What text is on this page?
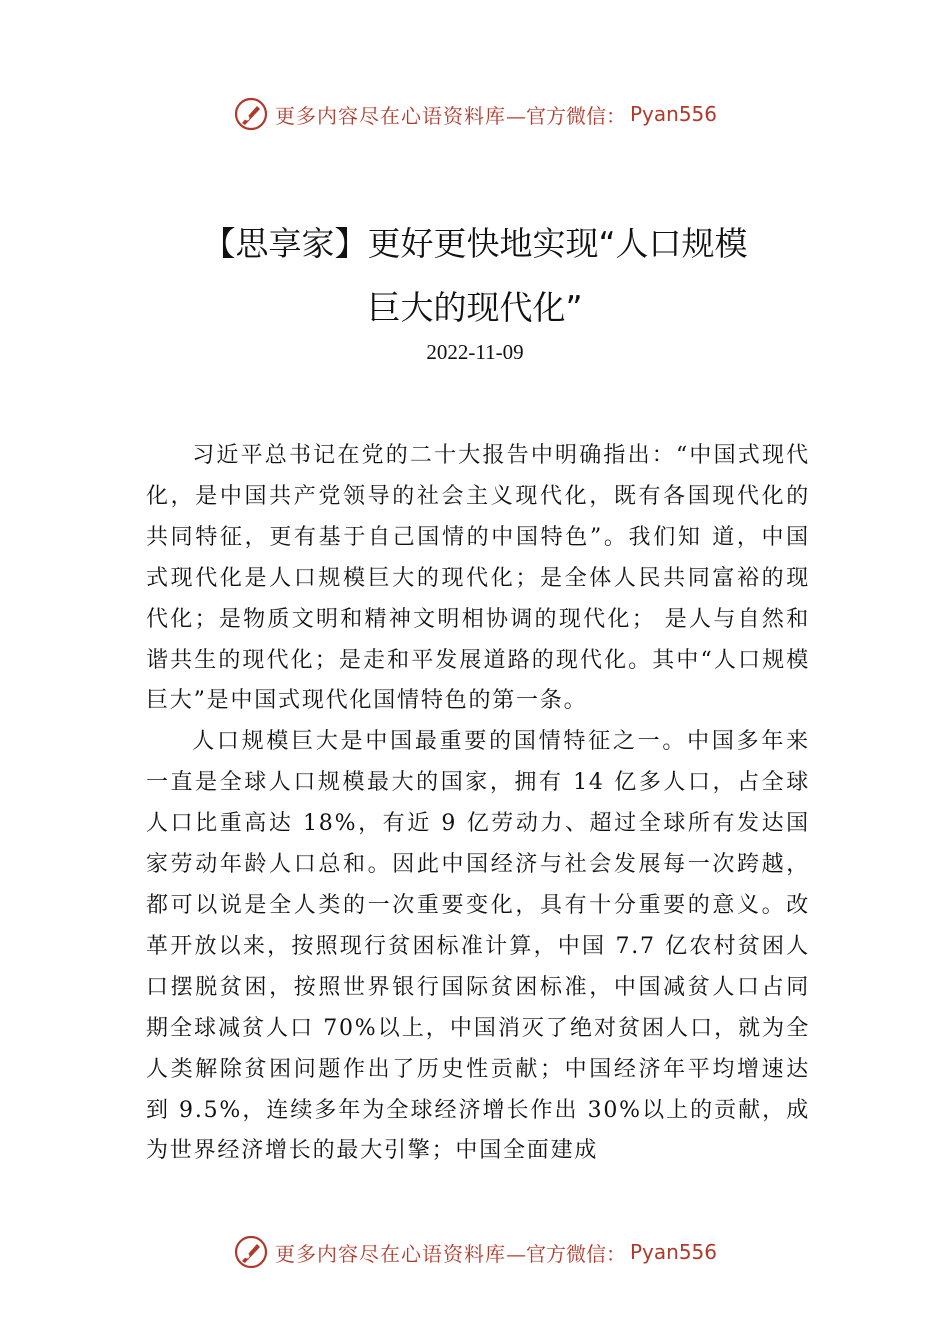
更多内容尽在心语资料库 —官方微信： Pyan556
【思享家】更好更快地实现“人口规模
巨大的现代化”
2022-11-09

习近平总书记在党的二十大报告中明确指出：“中国式现代化，是中国共产党领导的社会主义现代化，既有各国现代化的共同特征，更有基于自己国情的中国特色”。我们知 道，中国式现代化是人口规模巨大的现代化；是全体人民共同富裕的现代化；是物质文明和精神文明相协调的现代化； 是人与自然和谐共生的现代化；是走和平发展道路的现代化。其中“人口规模巨大”是中国式现代化国情特色的第一条。

人口规模巨大是中国最重要的国情特征之一。中国多年来一直是全球人口规模最大的国家，拥有 14 亿多人口，占全球人口比重高达 18%，有近 9 亿劳动力、超过全球所有发达国家劳动年龄人口总和。因此中国经济与社会发展每一次跨越，都可以说是全人类的一次重要变化，具有十分重要的意义。改革开放以来，按照现行贫困标准计算，中国 7.7 亿农村贫困人口摆脱贫困，按照世界银行国际贫困标准，中国减贫人口占同期全球减贫人口 70%以上，中国消灭了绝对贫困人口，就为全人类解除贫困问题作出了历史性贡献；中国经济年平均增速达到 9.5%，连续多年为全球经济增长作出 30%以上的贡献，成为世界经济增长的最大引擎；中国全面建成

更多内容尽在心语资料库 —官方微信： Pyan556
